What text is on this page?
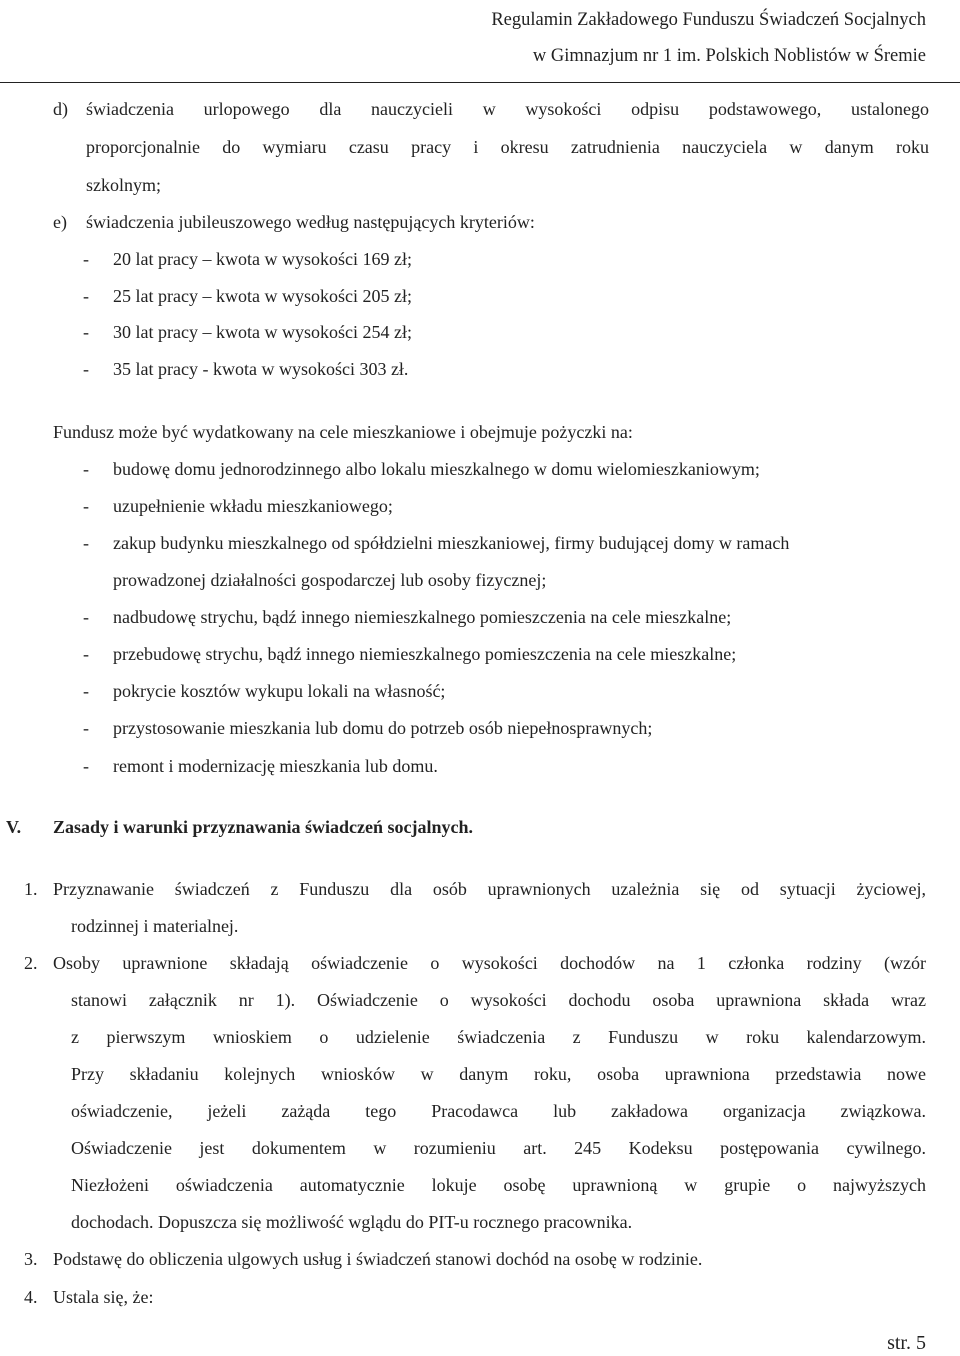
Regulamin Zakładowego Funduszu Świadczeń Socjalnych
w Gimnazjum nr 1 im. Polskich Noblistów w Śremie
d) świadczenia urlopowego dla nauczycieli w wysokości odpisu podstawowego, ustalonego
proporcjonalnie do wymiaru czasu pracy i okresu zatrudnienia nauczyciela w danym roku
szkolnym;
e) świadczenia jubileuszowego według następujących kryteriów:
- 20 lat pracy – kwota w wysokości 169 zł;
- 25 lat pracy – kwota w wysokości 205 zł;
- 30 lat pracy – kwota w wysokości 254 zł;
- 35 lat pracy - kwota w wysokości 303 zł.
Fundusz może być wydatkowany na cele mieszkaniowe i obejmuje pożyczki na:
- budowę domu jednorodzinnego albo lokalu mieszkalnego w domu wielomieszkaniowym;
- uzupełnienie wkładu mieszkaniowego;
- zakup budynku mieszkalnego od spółdzielni mieszkaniowej, firmy budującej domy w ramach
prowadzonej działalności gospodarczej lub osoby fizycznej;
- nadbudowę strychu, bądź innego niemieszkalnego pomieszczenia na cele mieszkalne;
- przebudowę strychu, bądź innego niemieszkalnego pomieszczenia na cele mieszkalne;
- pokrycie kosztów wykupu lokali na własność;
- przystosowanie mieszkania lub domu do potrzeb osób niepełnosprawnych;
- remont i modernizację mieszkania lub domu.
V. Zasady i warunki przyznawania świadczeń socjalnych.
1. Przyznawanie świadczeń z Funduszu dla osób uprawnionych uzależnia się od sytuacji życiowej,
rodzinnej i materialnej.
2. Osoby uprawnione składają oświadczenie o wysokości dochodów na 1 członka rodziny (wzór
stanowi załącznik nr 1). Oświadczenie o wysokości dochodu osoba uprawniona składa wraz
z pierwszym wnioskiem o udzielenie świadczenia z Funduszu w roku kalendarzowym.
Przy składaniu kolejnych wniosków w danym roku, osoba uprawniona przedstawia nowe
oświadczenie, jeżeli zażąda tego Pracodawca lub zakładowa organizacja związkowa.
Oświadczenie jest dokumentem w rozumieniu art. 245 Kodeksu postępowania cywilnego.
Niezłożeni oświadczenia automatycznie lokuje osobę uprawnioną w grupie o najwyższych
dochodach. Dopuszcza się możliwość wglądu do PIT-u rocznego pracownika.
3. Podstawę do obliczenia ulgowych usług i świadczeń stanowi dochód na osobę w rodzinie.
4. Ustala się, że:
str. 5
